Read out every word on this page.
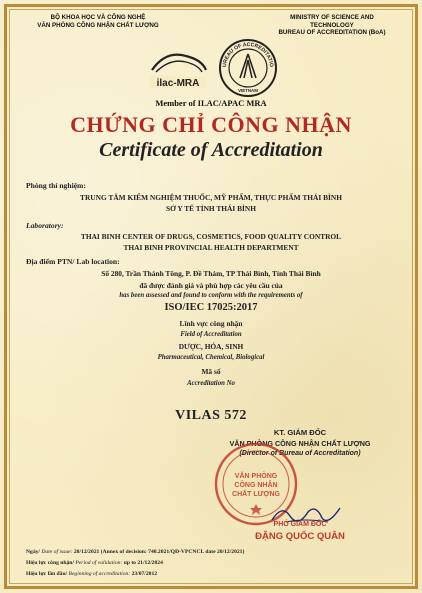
BỘ KHOA HỌC VÀ CÔNG NGHỆ
VĂN PHÒNG CÔNG NHẬN CHẤT LƯỢNG
MINISTRY OF SCIENCE AND TECHNOLOGY
BUREAU OF ACCREDITATION (BoA)
ilac-MRA
UREAU OF ACCREDITATIO
VIETNAM
Member of ILAC/APAC MRA
CHỨNG CHỈ CÔNG NHẬN
Certificate of Accreditation
Phòng thí nghiệm:
TRUNG TÂM KIỂM NGHIỆM THUỐC, MỸ PHẨM, THỰC PHẨM THÁI BÌNH
SỞ Y TẾ TỈNH THÁI BÌNH
Laboratory:
THAI BINH CENTER OF DRUGS, COSMETICS, FOOD QUALITY CONTROL
THAI BINH PROVINCIAL HEALTH DEPARTMENT
Địa điểm PTN/ Lab location:
Số 280, Trần Thánh Tông, P. Đề Thám, TP Thái Bình, Tỉnh Thái Bình
đã được đánh giá và phù hợp các yêu cầu của
has been assessed and found to conform with the requirements of
ISO/IEC 17025:2017
Lĩnh vực công nhận
Field of Accreditation
DƯỢC, HÓA, SINH
Pharmaceutical, Chemical, Biological
Mã số
Accreditation No
VILAS 572
KT. GIÁM ĐỐC
VĂN PHÒNG CÔNG NHẬN CHẤT LƯỢNG
(Director of Bureau of Accreditation)
VĂN PHÒNG
CÔNG NHẬN
CHẤT LƯỢNG
PHÓ GIÁM ĐỐC
ĐẶNG QUỐC QUÂN
Ngày/ Date of issue: 20/12/2021 (Annex of decision: 740.2021/QĐ-VPCNCL date 20/12/2021)
Hiệu lực công nhận/ Period of validation: up to 21/12/2024
Hiệu lực lần đầu/ Beginning of accreditation: 23/07/2012
